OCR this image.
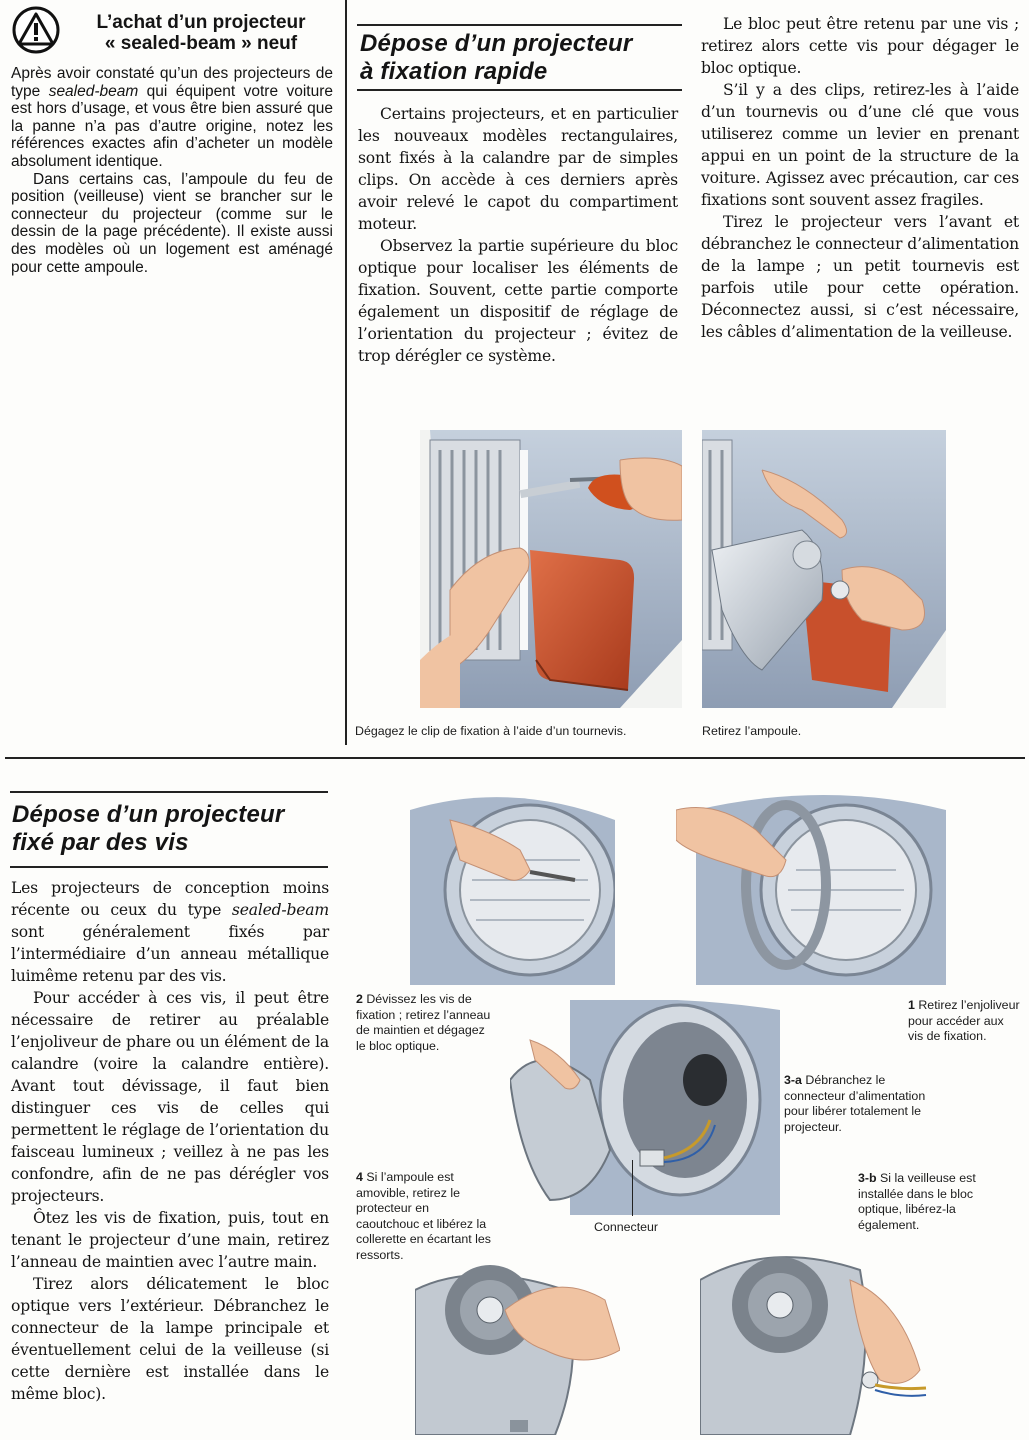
L’achat d’un projecteur
« sealed-beam » neuf

Après avoir constaté qu’un des projecteurs de type sealed-beam qui équipent votre voiture est hors d’usage, et vous être bien assuré que la panne n’a pas d’autre origine, notez les références exactes afin d’acheter un modèle absolument identique.

Dans certains cas, l’ampoule du feu de position (veilleuse) vient se brancher sur le connecteur du projecteur (comme sur le dessin de la page précédente). Il existe aussi des modèles où un logement est aménagé pour cette ampoule.

Dépose d’un projecteur
à fixation rapide

Certains projecteurs, et en particulier les nouveaux modèles rectangulaires, sont fixés à la calandre par de simples clips. On accède à ces derniers après avoir relevé le capot du compartiment moteur.

Observez la partie supérieure du bloc optique pour localiser les éléments de fixation. Souvent, cette partie comporte également un dispositif de réglage de l’orientation du projecteur ; évitez de trop dérégler ce système.

Le bloc peut être retenu par une vis ; retirez alors cette vis pour dégager le bloc optique.

S’il y a des clips, retirez-les à l’aide d’un tournevis ou d’une clé que vous utiliserez comme un levier en prenant appui en un point de la structure de la voiture. Agissez avec précaution, car ces fixations sont souvent assez fragiles.

Tirez le projecteur vers l’avant et débranchez le connecteur d’alimentation de la lampe ; un petit tournevis est parfois utile pour cette opération. Déconnectez aussi, si c’est nécessaire, les câbles d’alimentation de la veilleuse.

Dégagez le clip de fixation à l’aide d’un tournevis.	Retirez l’ampoule.
Dépose d’un projecteur
fixé par des vis

Les projecteurs de conception moins récente ou ceux du type sealed-beam sont généralement fixés par l’intermédiaire d’un anneau métallique luimême retenu par des vis.

Pour accéder à ces vis, il peut être nécessaire de retirer au préalable l’enjoliveur de phare ou un élément de la calandre (voire la calandre entière). Avant tout dévissage, il faut bien distinguer ces vis de celles qui permettent le réglage de l’orientation du faisceau lumineux ; veillez à ne pas les confondre, afin de ne pas dérégler vos projecteurs.

Ôtez les vis de fixation, puis, tout en tenant le projecteur d’une main, retirez l’anneau de maintien avec l’autre main.

Tirez alors délicatement le bloc optique vers l’extérieur. Débranchez le connecteur de la lampe principale et éventuellement celui de la veilleuse (si cette dernière est installée dans le même bloc).

2 Dévissez les vis de fixation ; retirez l’anneau de maintien et dégagez le bloc optique.
1 Retirez l’enjoliveur pour accéder aux vis de fixation.
3-a Débranchez le connecteur d’alimentation pour libérer totalement le projecteur.
4 Si l’ampoule est amovible, retirez le protecteur en caoutchouc et libérez la collerette en écartant les ressorts.
Connecteur
3-b Si la veilleuse est installée dans le bloc optique, libérez-la également.
